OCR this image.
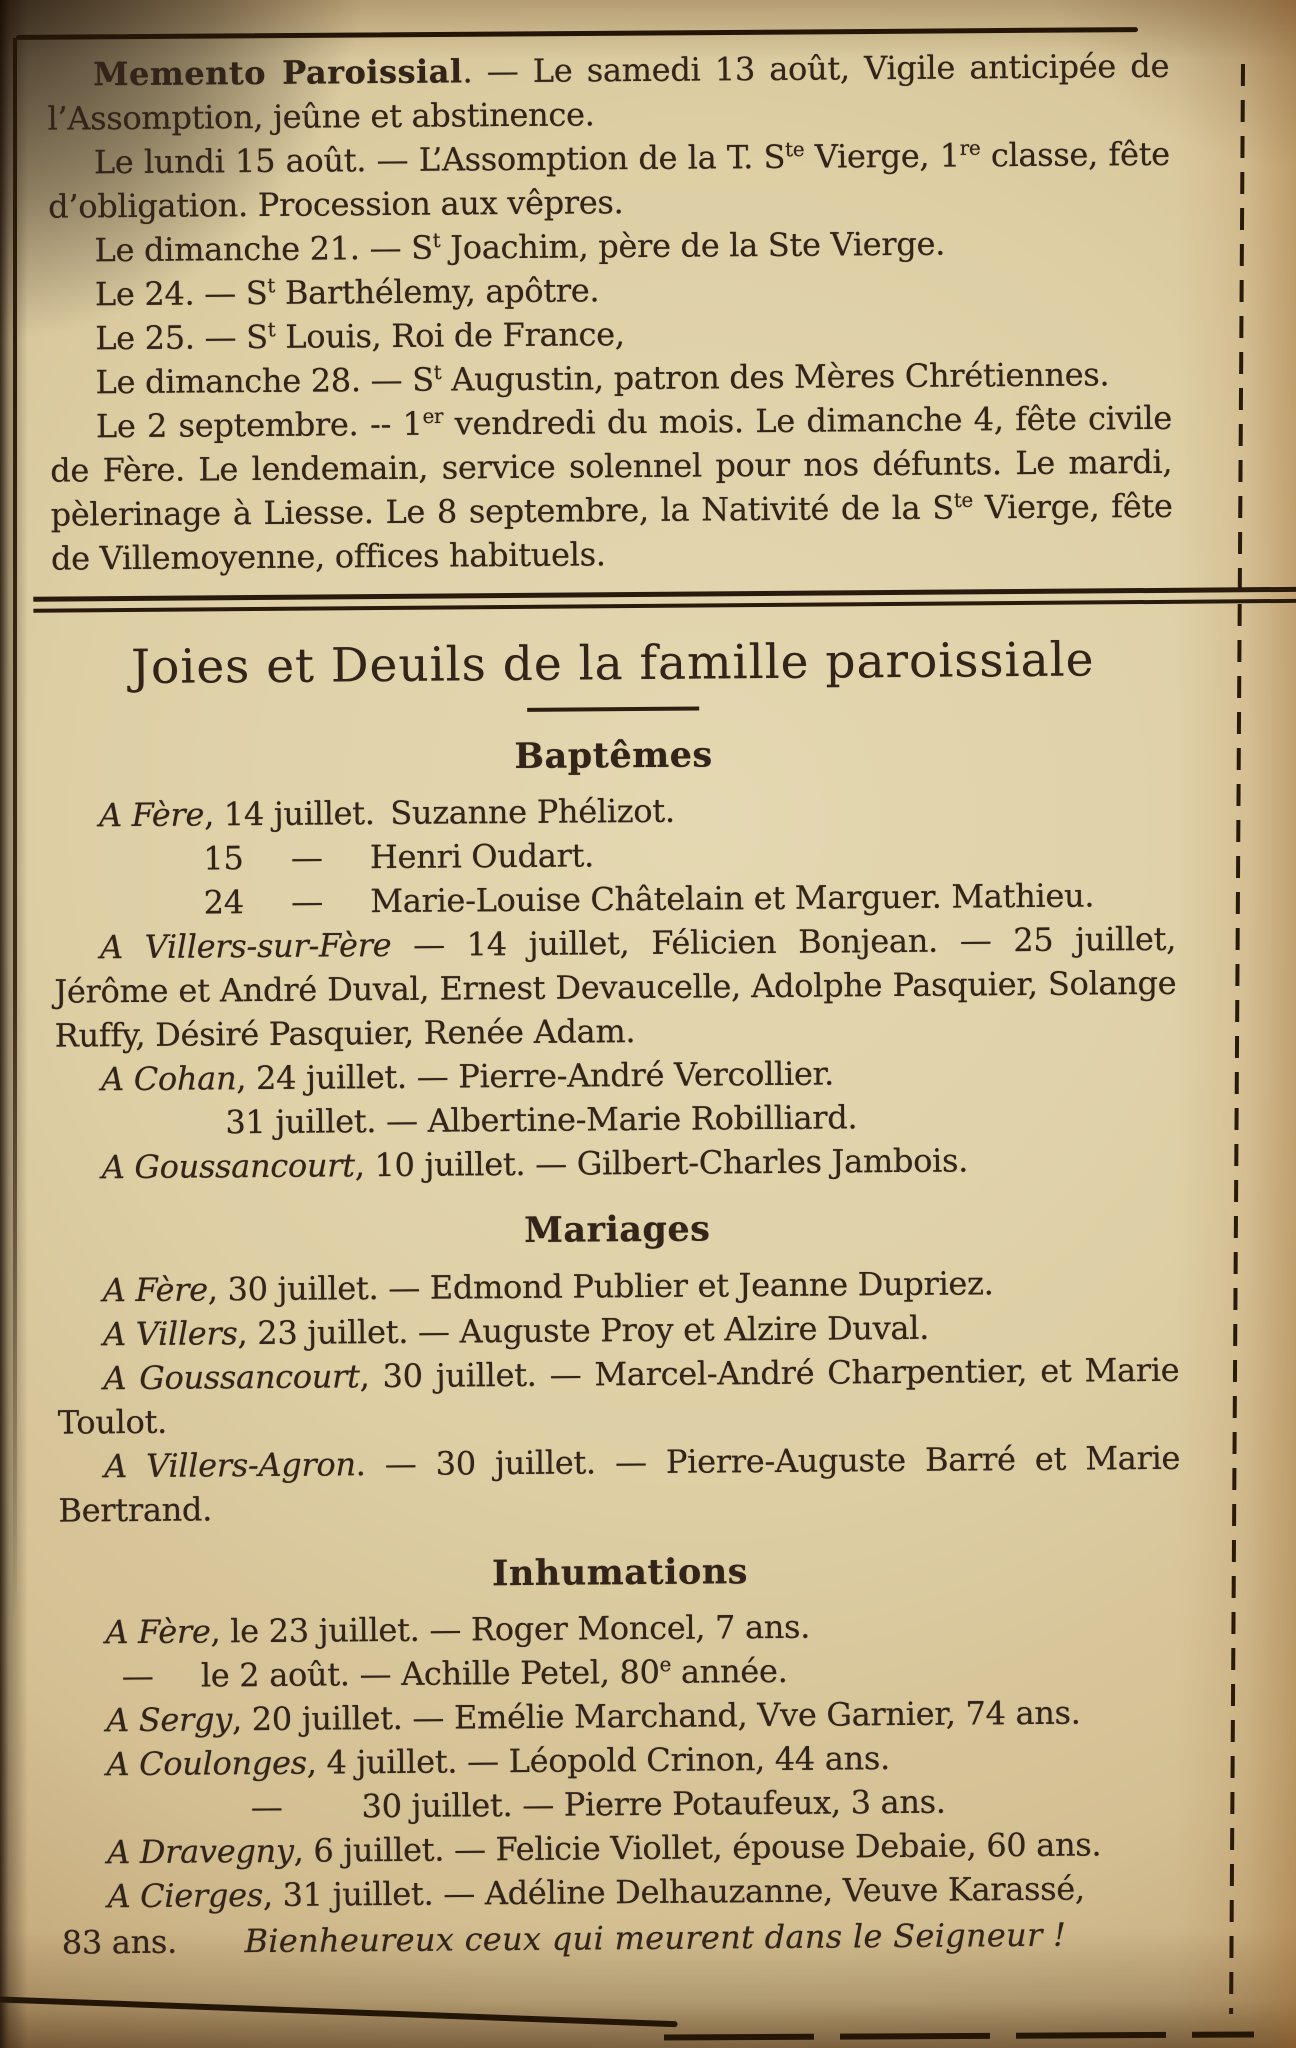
Memento Paroissial. — Le samedi 13 août, Vigile anticipée de l’Assomption, jeûne et abstinence.

Le lundi 15 août. — L’Assomption de la T. $S^{te}$ Vierge, 1re classe, fête d’obligation. Procession aux vêpres.

Le dimanche 21. — $S^t$ Joachim, père de la Ste Vierge.

Le 24. — $S^t$ Barthélemy, apôtre.

Le 25. — $S^t$ Louis, Roi de France,

Le dimanche 28. — $S^t$ Augustin, patron des Mères Chrétiennes.

Le 2 septembre. -- 1er vendredi du mois. Le dimanche 4, fête civile de Fère. Le lendemain, service solennel pour nos défunts. Le mardi, pèlerinage à Liesse. Le 8 septembre, la Nativité de la $S^{te}$ Vierge, fête de Villemoyenne, offices habituels.

Joies et Deuils de la famille paroissiale
Baptêmes

A Fère, 14 juillet. Suzanne Phélizot.

15  —  Henri Oudart.

24  —  Marie-Louise Châtelain et Marguer. Mathieu.

A Villers-sur-Fère — 14 juillet, Félicien Bonjean. — 25 juillet, Jérôme et André Duval, Ernest Devaucelle, Adolphe Pasquier, Solange Ruffy, Désiré Pasquier, Renée Adam.

A Cohan, 24 juillet. — Pierre-André Vercollier.

31 juillet. — Albertine-Marie Robilliard.

A Goussancourt, 10 juillet. — Gilbert-Charles Jambois.

Mariages

A Fère, 30 juillet. — Edmond Publier et Jeanne Dupriez.

A Villers, 23 juillet. — Auguste Proy et Alzire Duval.

A Goussancourt, 30 juillet. — Marcel-André Charpentier, et Marie Toulot.

A Villers-Agron. — 30 juillet. — Pierre-Auguste Barré et Marie Bertrand.

Inhumations

A Fère, le 23 juillet. — Roger Moncel, 7 ans.

—  le 2 août. — Achille Petel, 80e année.

A Sergy, 20 juillet. — Emélie Marchand, Vve Garnier, 74 ans.

A Coulonges, 4 juillet. — Léopold Crinon, 44 ans.

—   30 juillet. — Pierre Potaufeux, 3 ans.

A Dravegny, 6 juillet. — Felicie Viollet, épouse Debaie, 60 ans.

A Cierges, 31 juillet. — Adéline Delhauzanne, Veuve Karassé,

83 ans.	Bienheureux ceux qui meurent dans le Seigneur !
